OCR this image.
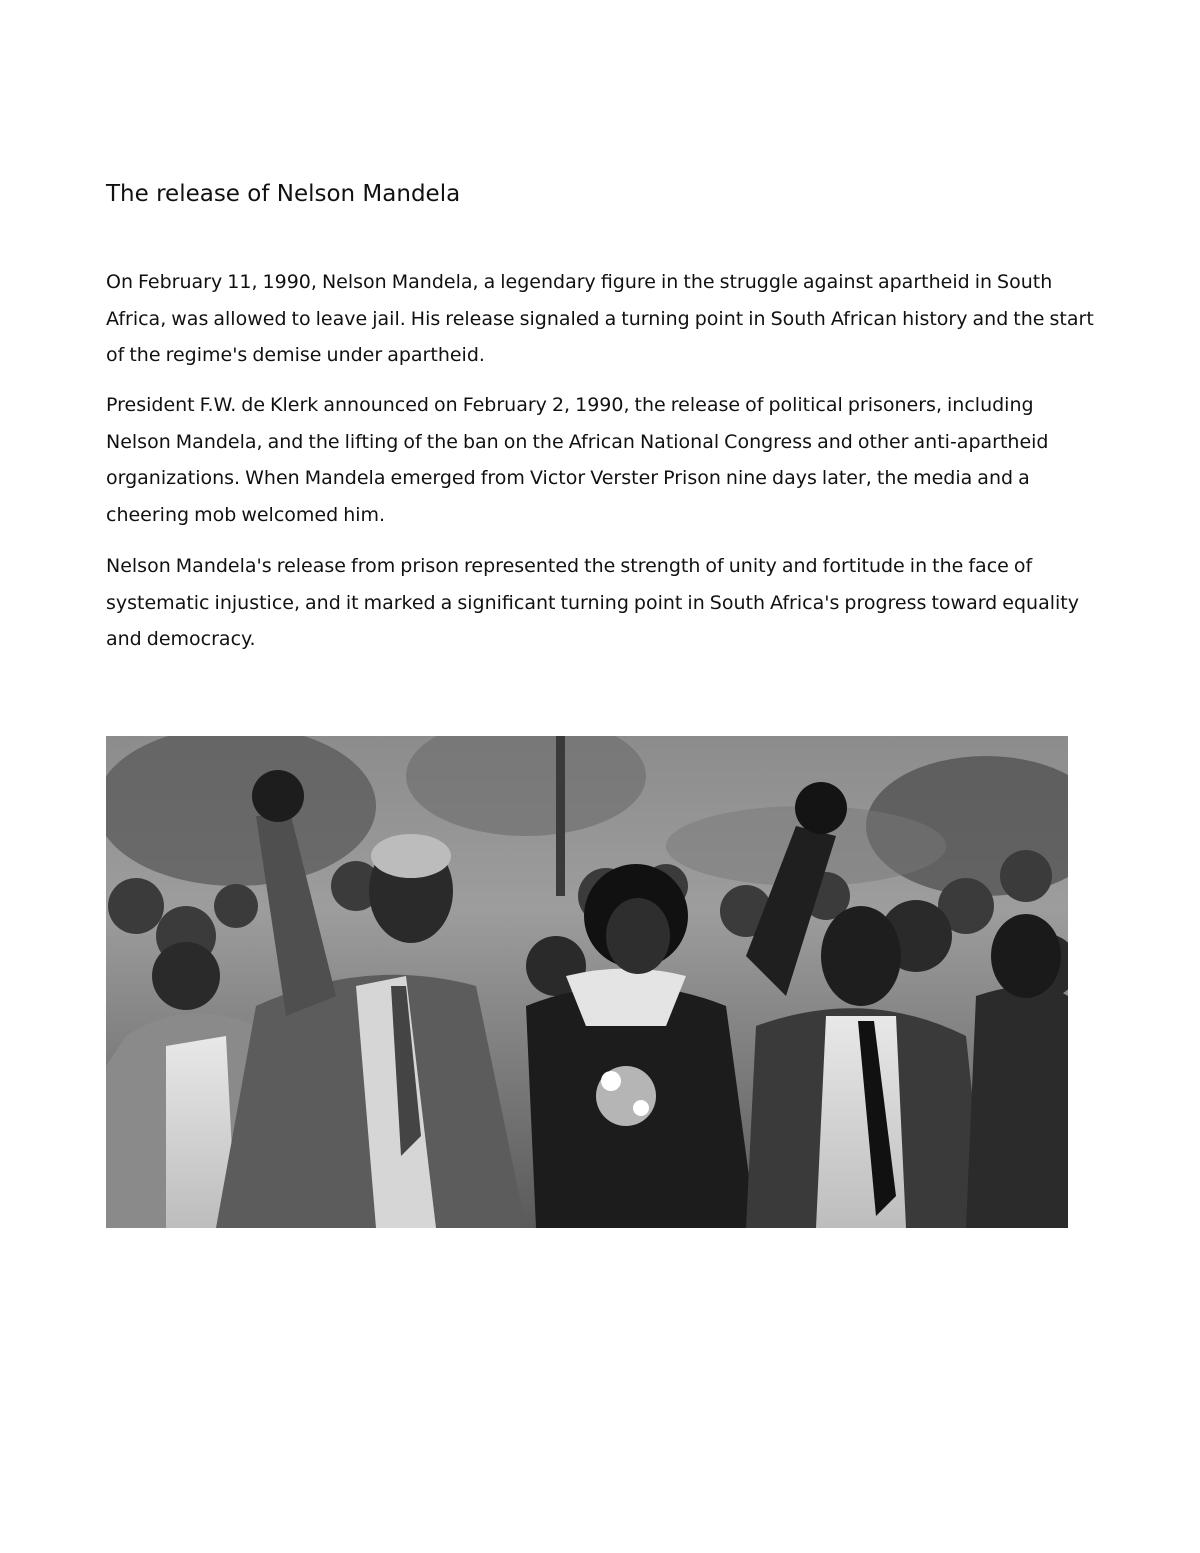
The release of Nelson Mandela

On February 11, 1990, Nelson Mandela, a legendary figure in the struggle against apartheid in South Africa, was allowed to leave jail. His release signaled a turning point in South African history and the start of the regime's demise under apartheid.

President F.W. de Klerk announced on February 2, 1990, the release of political prisoners, including Nelson Mandela, and the lifting of the ban on the African National Congress and other anti-apartheid organizations. When Mandela emerged from Victor Verster Prison nine days later, the media and a cheering mob welcomed him.

Nelson Mandela's release from prison represented the strength of unity and fortitude in the face of systematic injustice, and it marked a significant turning point in South Africa's progress toward equality and democracy.
